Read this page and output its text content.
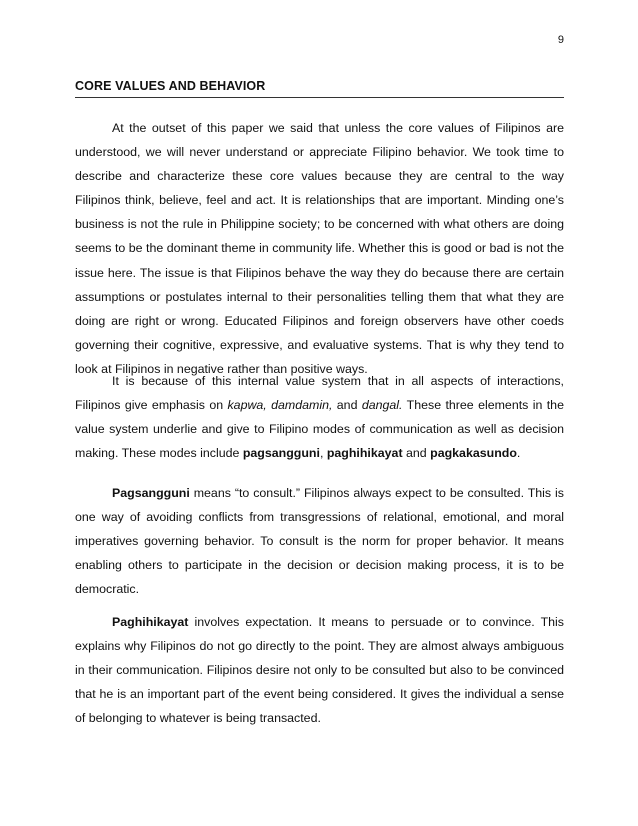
9
CORE VALUES AND BEHAVIOR

At the outset of this paper we said that unless the core values of Filipinos are understood, we will never understand or appreciate Filipino behavior. We took time to describe and characterize these core values because they are central to the way Filipinos think, believe, feel and act. It is relationships that are important. Minding one’s business is not the rule in Philippine society; to be concerned with what others are doing seems to be the dominant theme in community life. Whether this is good or bad is not the issue here. The issue is that Filipinos behave the way they do because there are certain assumptions or postulates internal to their personalities telling them that what they are doing are right or wrong. Educated Filipinos and foreign observers have other coeds governing their cognitive, expressive, and evaluative systems. That is why they tend to look at Filipinos in negative rather than positive ways.

It is because of this internal value system that in all aspects of interactions, Filipinos give emphasis on kapwa, damdamin, and dangal. These three elements in the value system underlie and give to Filipino modes of communication as well as decision making. These modes include pagsangguni, paghihikayat and pagkakasundo.

Pagsangguni means “to consult.” Filipinos always expect to be consulted. This is one way of avoiding conflicts from transgressions of relational, emotional, and moral imperatives governing behavior. To consult is the norm for proper behavior. It means enabling others to participate in the decision or decision making process, it is to be democratic.

Paghihikayat involves expectation. It means to persuade or to convince. This explains why Filipinos do not go directly to the point. They are almost always ambiguous in their communication. Filipinos desire not only to be consulted but also to be convinced that he is an important part of the event being considered. It gives the individual a sense of belonging to whatever is being transacted.
